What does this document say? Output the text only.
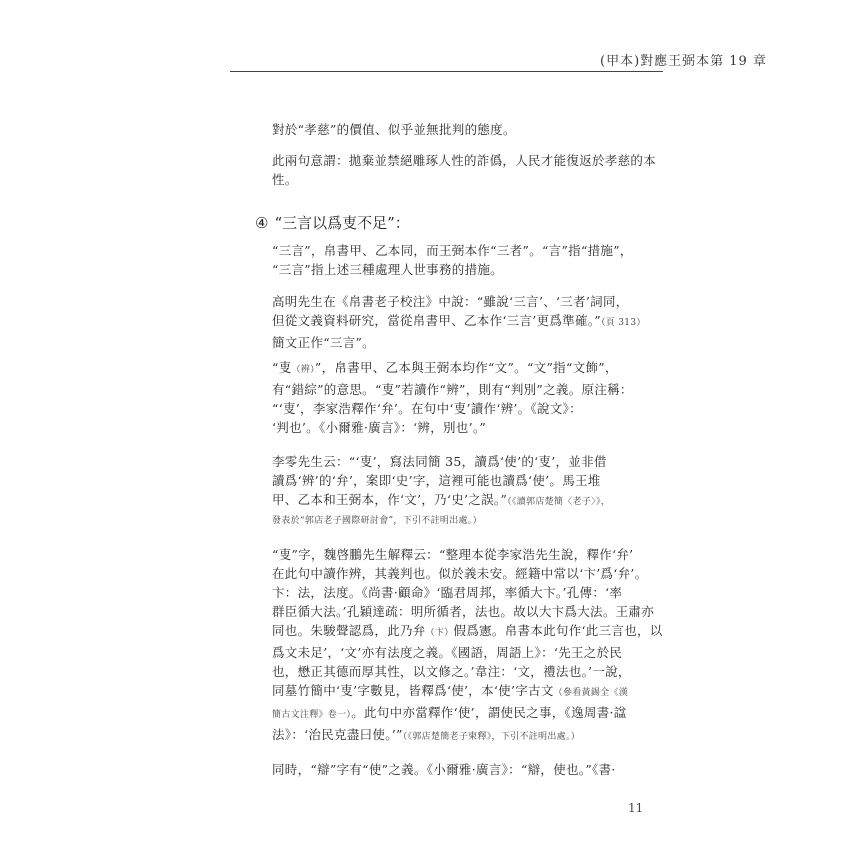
(甲本)對應王弼本第 19 章
對於“孝慈”的價值、似乎並無批判的態度。
此兩句意謂：拋棄並禁絕雕琢人性的詐僞，人民才能復返於孝慈的本
性。
④ “三言以爲叓不足”：
“三言”，帛書甲、乙本同，而王弼本作“三者”。“言”指“措施”，
“三言”指上述三種處理人世事務的措施。
高明先生在《帛書老子校注》中說：“雖說‘三言’、‘三者’詞同，
但從文義資料研究，當從帛書甲、乙本作‘三言’更爲準確。”（頁 313）
簡文正作“三言”。
“叓（辨）”，帛書甲、乙本與王弼本均作“文”。“文”指“文飾”，
有“錯綜”的意思。“叓”若讀作“辨”，則有“判別”之義。原注稱：
“‘叓’，李家浩釋作‘弁’。在句中‘叓’讀作‘辨’。《說文》：
‘判也’。《小爾雅·廣言》：‘辨，別也’。”
李零先生云：“‘叓’，寫法同簡 35，讀爲‘使’的‘叓’，並非借
讀爲‘辨’的‘弁’，案即‘史’字，這裡可能也讀爲‘使’。馬王堆
甲、乙本和王弼本，作‘文’，乃‘史’之誤。”（《讀郭店楚簡〈老子〉》，
發表於“郭店老子國際研討會”，下引不註明出處。）
“叓”字，魏啓鵬先生解釋云：“整理本從李家浩先生說，釋作‘弁’
在此句中讀作辨，其義判也。似於義未安。經籍中常以‘卞’爲‘弁’。
卞：法，法度。《尚書·顧命》‘臨君周邦，率循大卞。’孔傳：‘率
群臣循大法。’孔穎達疏：明所循者，法也。故以大卞爲大法。王肅亦
同也。朱駿聲認爲，此乃弁（卞）假爲憲。帛書本此句作‘此三言也，以
爲文未足’，‘文’亦有法度之義。《國語，周語上》：‘先王之於民
也，懋正其德而厚其性，以文修之。’韋注：‘文，禮法也。’一說，
同墓竹簡中‘叓’字數見，皆釋爲‘使’，本‘使’字古文（參看黃錫全《漢
簡古文注釋》卷一）。此句中亦當釋作‘使’，謂使民之事，《逸周書·諡
法》：‘治民克盡曰使。’”（《郭店楚簡老子柬釋》，下引不註明出處。）
同時，“辯”字有“使”之義。《小爾雅·廣言》：“辯，使也。”《書·
11
